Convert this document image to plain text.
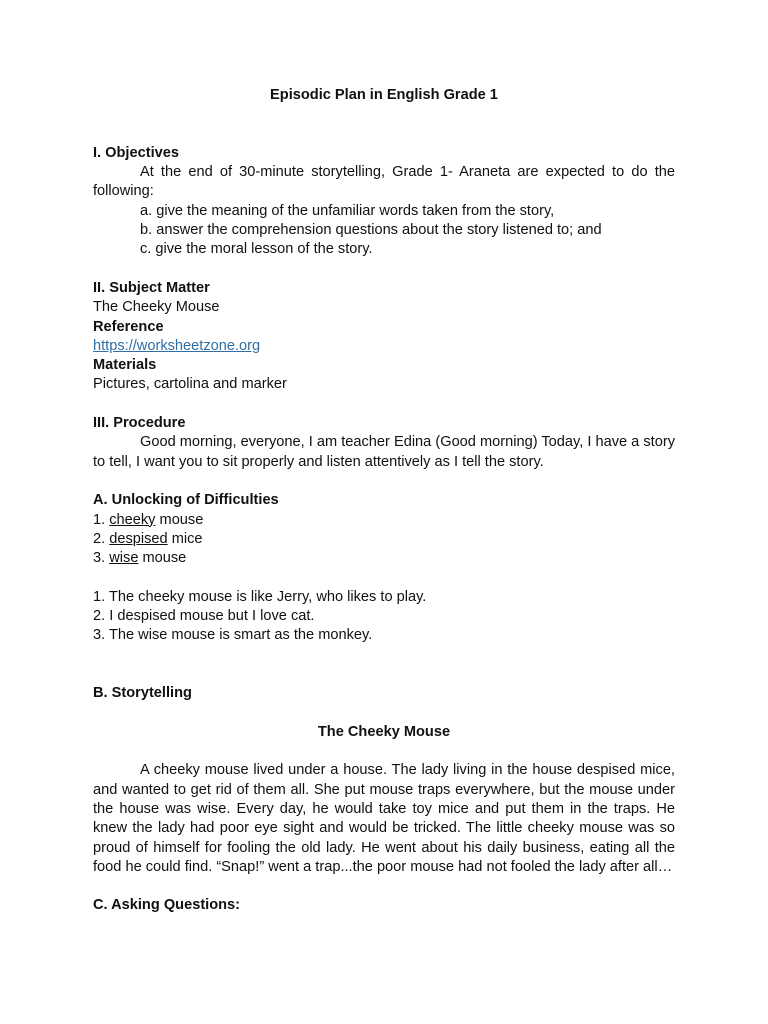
Episodic Plan in English Grade 1
I. Objectives
At the end of 30-minute storytelling, Grade 1- Araneta are expected to do the following:
a. give the meaning of the unfamiliar words taken from the story,
b. answer the comprehension questions about the story listened to; and
c. give the moral lesson of the story.
II. Subject Matter
The Cheeky Mouse
Reference
https://worksheetzone.org
Materials
Pictures, cartolina and marker
III. Procedure
Good morning, everyone, I am teacher Edina (Good morning) Today, I have a story to tell, I want you to sit properly and listen attentively as I tell the story.
A. Unlocking of Difficulties
1. cheeky mouse
2. despised mice
3. wise mouse
1. The cheeky mouse is like Jerry, who likes to play.
2. I despised mouse but I love cat.
3. The wise mouse is smart as the monkey.
B. Storytelling
The Cheeky Mouse
A cheeky mouse lived under a house. The lady living in the house despised mice, and wanted to get rid of them all. She put mouse traps everywhere, but the mouse under the house was wise. Every day, he would take toy mice and put them in the traps. He knew the lady had poor eye sight and would be tricked. The little cheeky mouse was so proud of himself for fooling the old lady. He went about his daily business, eating all the food he could find. “Snap!” went a trap...the poor mouse had not fooled the lady after all…
C. Asking Questions:
